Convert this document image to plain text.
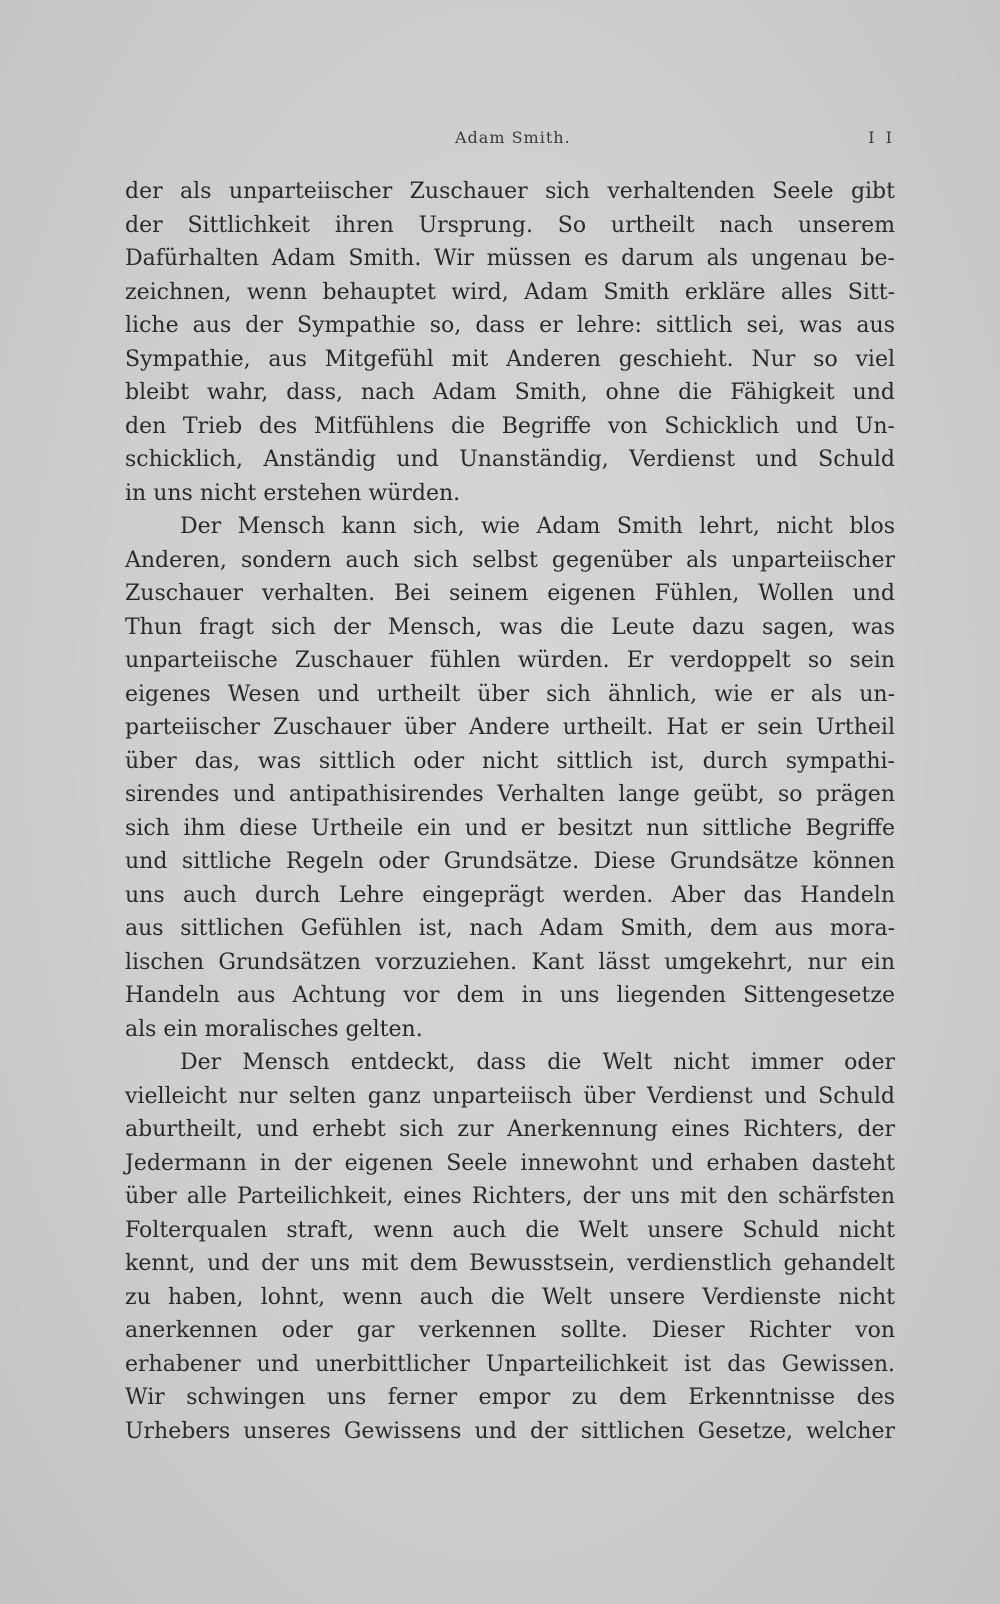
Adam Smith.	I I
der als unparteiischer Zuschauer sich verhaltenden Seele gibt
der Sittlichkeit ihren Ursprung. So urtheilt nach unserem
Dafürhalten Adam Smith. Wir müssen es darum als ungenau be-
zeichnen, wenn behauptet wird, Adam Smith erkläre alles Sitt-
liche aus der Sympathie so, dass er lehre: sittlich sei, was aus
Sympathie, aus Mitgefühl mit Anderen geschieht. Nur so viel
bleibt wahr, dass, nach Adam Smith, ohne die Fähigkeit und
den Trieb des Mitfühlens die Begriffe von Schicklich und Un-
schicklich, Anständig und Unanständig, Verdienst und Schuld
in uns nicht erstehen würden.
Der Mensch kann sich, wie Adam Smith lehrt, nicht blos
Anderen, sondern auch sich selbst gegenüber als unparteiischer
Zuschauer verhalten. Bei seinem eigenen Fühlen, Wollen und
Thun fragt sich der Mensch, was die Leute dazu sagen, was
unparteiische Zuschauer fühlen würden. Er verdoppelt so sein
eigenes Wesen und urtheilt über sich ähnlich, wie er als un-
parteiischer Zuschauer über Andere urtheilt. Hat er sein Urtheil
über das, was sittlich oder nicht sittlich ist, durch sympathi-
sirendes und antipathisirendes Verhalten lange geübt, so prägen
sich ihm diese Urtheile ein und er besitzt nun sittliche Begriffe
und sittliche Regeln oder Grundsätze. Diese Grundsätze können
uns auch durch Lehre eingeprägt werden. Aber das Handeln
aus sittlichen Gefühlen ist, nach Adam Smith, dem aus mora-
lischen Grundsätzen vorzuziehen. Kant lässt umgekehrt, nur ein
Handeln aus Achtung vor dem in uns liegenden Sittengesetze
als ein moralisches gelten.
Der Mensch entdeckt, dass die Welt nicht immer oder
vielleicht nur selten ganz unparteiisch über Verdienst und Schuld
aburtheilt, und erhebt sich zur Anerkennung eines Richters, der
Jedermann in der eigenen Seele innewohnt und erhaben dasteht
über alle Parteilichkeit, eines Richters, der uns mit den schärfsten
Folterqualen straft, wenn auch die Welt unsere Schuld nicht
kennt, und der uns mit dem Bewusstsein, verdienstlich gehandelt
zu haben, lohnt, wenn auch die Welt unsere Verdienste nicht
anerkennen oder gar verkennen sollte. Dieser Richter von
erhabener und unerbittlicher Unparteilichkeit ist das Gewissen.
Wir schwingen uns ferner empor zu dem Erkenntnisse des
Urhebers unseres Gewissens und der sittlichen Gesetze, welcher
